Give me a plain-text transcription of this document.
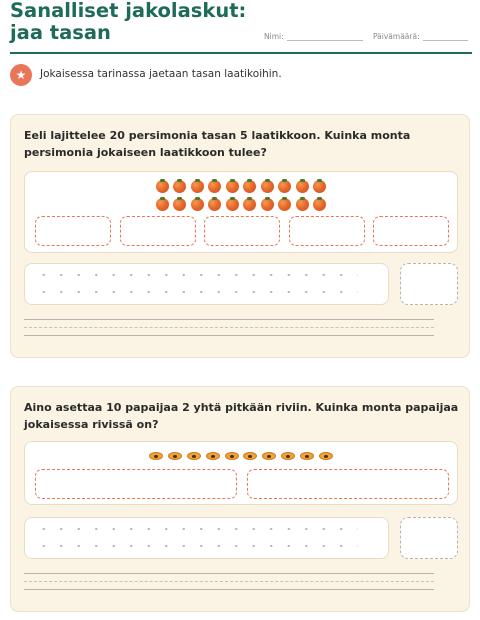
Sanalliset jakolaskut: jaa tasan	Nimi:	Päivämäärä:
★	Jokaisessa tarinassa jaetaan tasan laatikoihin.
Eeli lajittelee 20 persimonia tasan 5 laatikkoon. Kuinka monta persimonia jokaiseen laatikkoon tulee?
Aino asettaa 10 papaijaa 2 yhtä pitkään riviin. Kuinka monta papaijaa jokaisessa rivissä on?
